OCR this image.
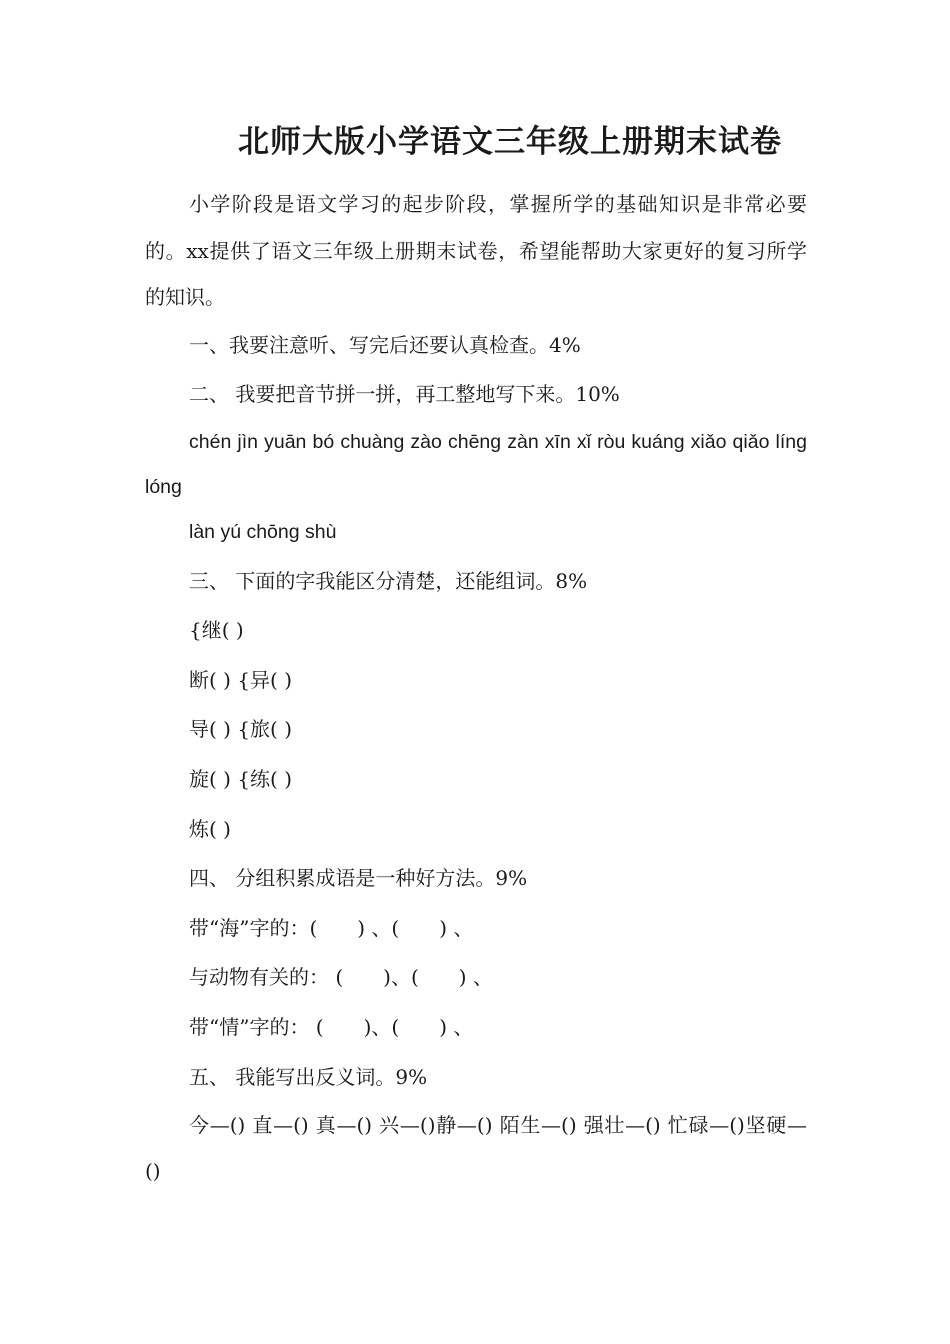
北师大版小学语文三年级上册期末试卷

小学阶段是语文学习的起步阶段，掌握所学的基础知识是非常必要的。xx提供了语文三年级上册期末试卷，希望能帮助大家更好的复习所学的知识。

一、我要注意听、写完后还要认真检查。4%

二、 我要把音节拼一拼，再工整地写下来。10%

chén jìn yuān bó chuàng zào chēng zàn xīn xǐ ròu kuáng xiǎo qiǎo líng lóng

làn yú chōng shù

三、 下面的字我能区分清楚，还能组词。8%

{继( )

断( ) {异( )

导( ) {旅( )

旋( ) {练( )

炼( )

四、 分组积累成语是一种好方法。9%

带“海”字的：(　　) 、(　　) 、

与动物有关的： (　　)、(　　) 、

带“情”字的： (　　)、(　　) 、

五、 我能写出反义词。9%

今—() 直—() 真—() 兴—()静—() 陌生—() 强壮—() 忙碌—()坚硬—()
